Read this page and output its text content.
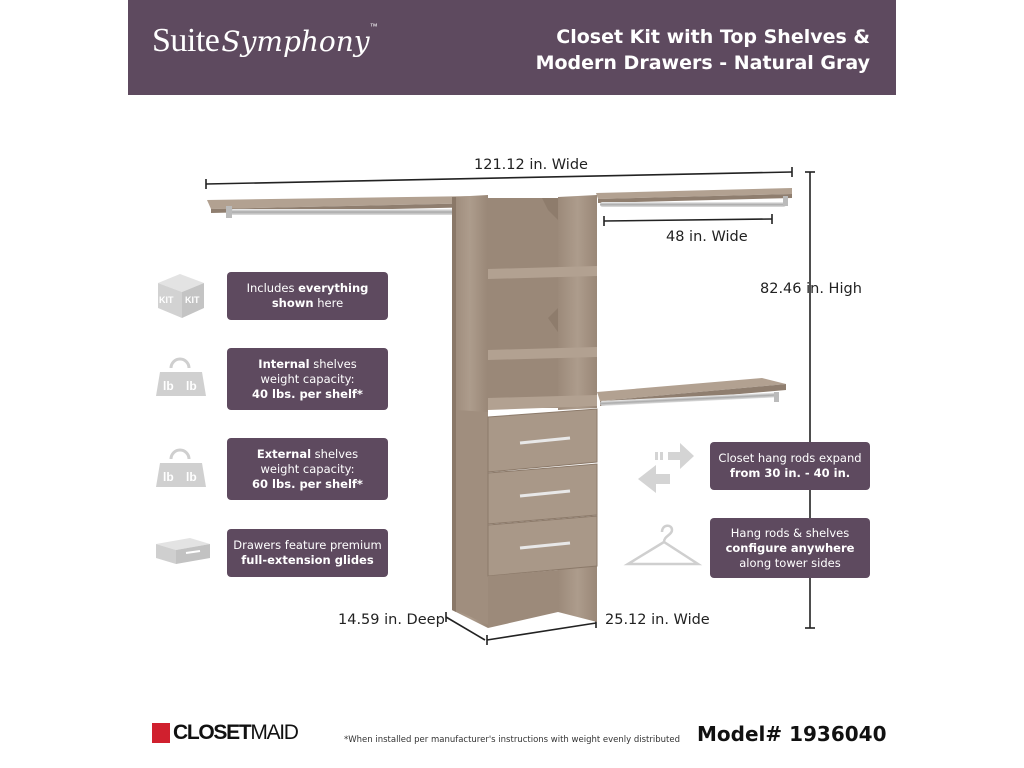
SuiteSymphony™	Closet Kit with Top Shelves &
Modern Drawers - Natural Gray
KIT KIT
lb lb
lb lb
121.12 in. Wide
48 in. Wide
82.46 in. High
14.59 in. Deep	25.12 in. Wide
Includes everything
shown here
Internal shelves
weight capacity:
40 lbs. per shelf*
External shelves
weight capacity:
60 lbs. per shelf*
Drawers feature premium
full-extension glides
Closet hang rods expand
from 30 in. - 40 in.
Hang rods & shelves
configure anywhere
along tower sides
CLOSETMAID	*When installed per manufacturer's instructions with weight evenly distributed Model# 1936040
